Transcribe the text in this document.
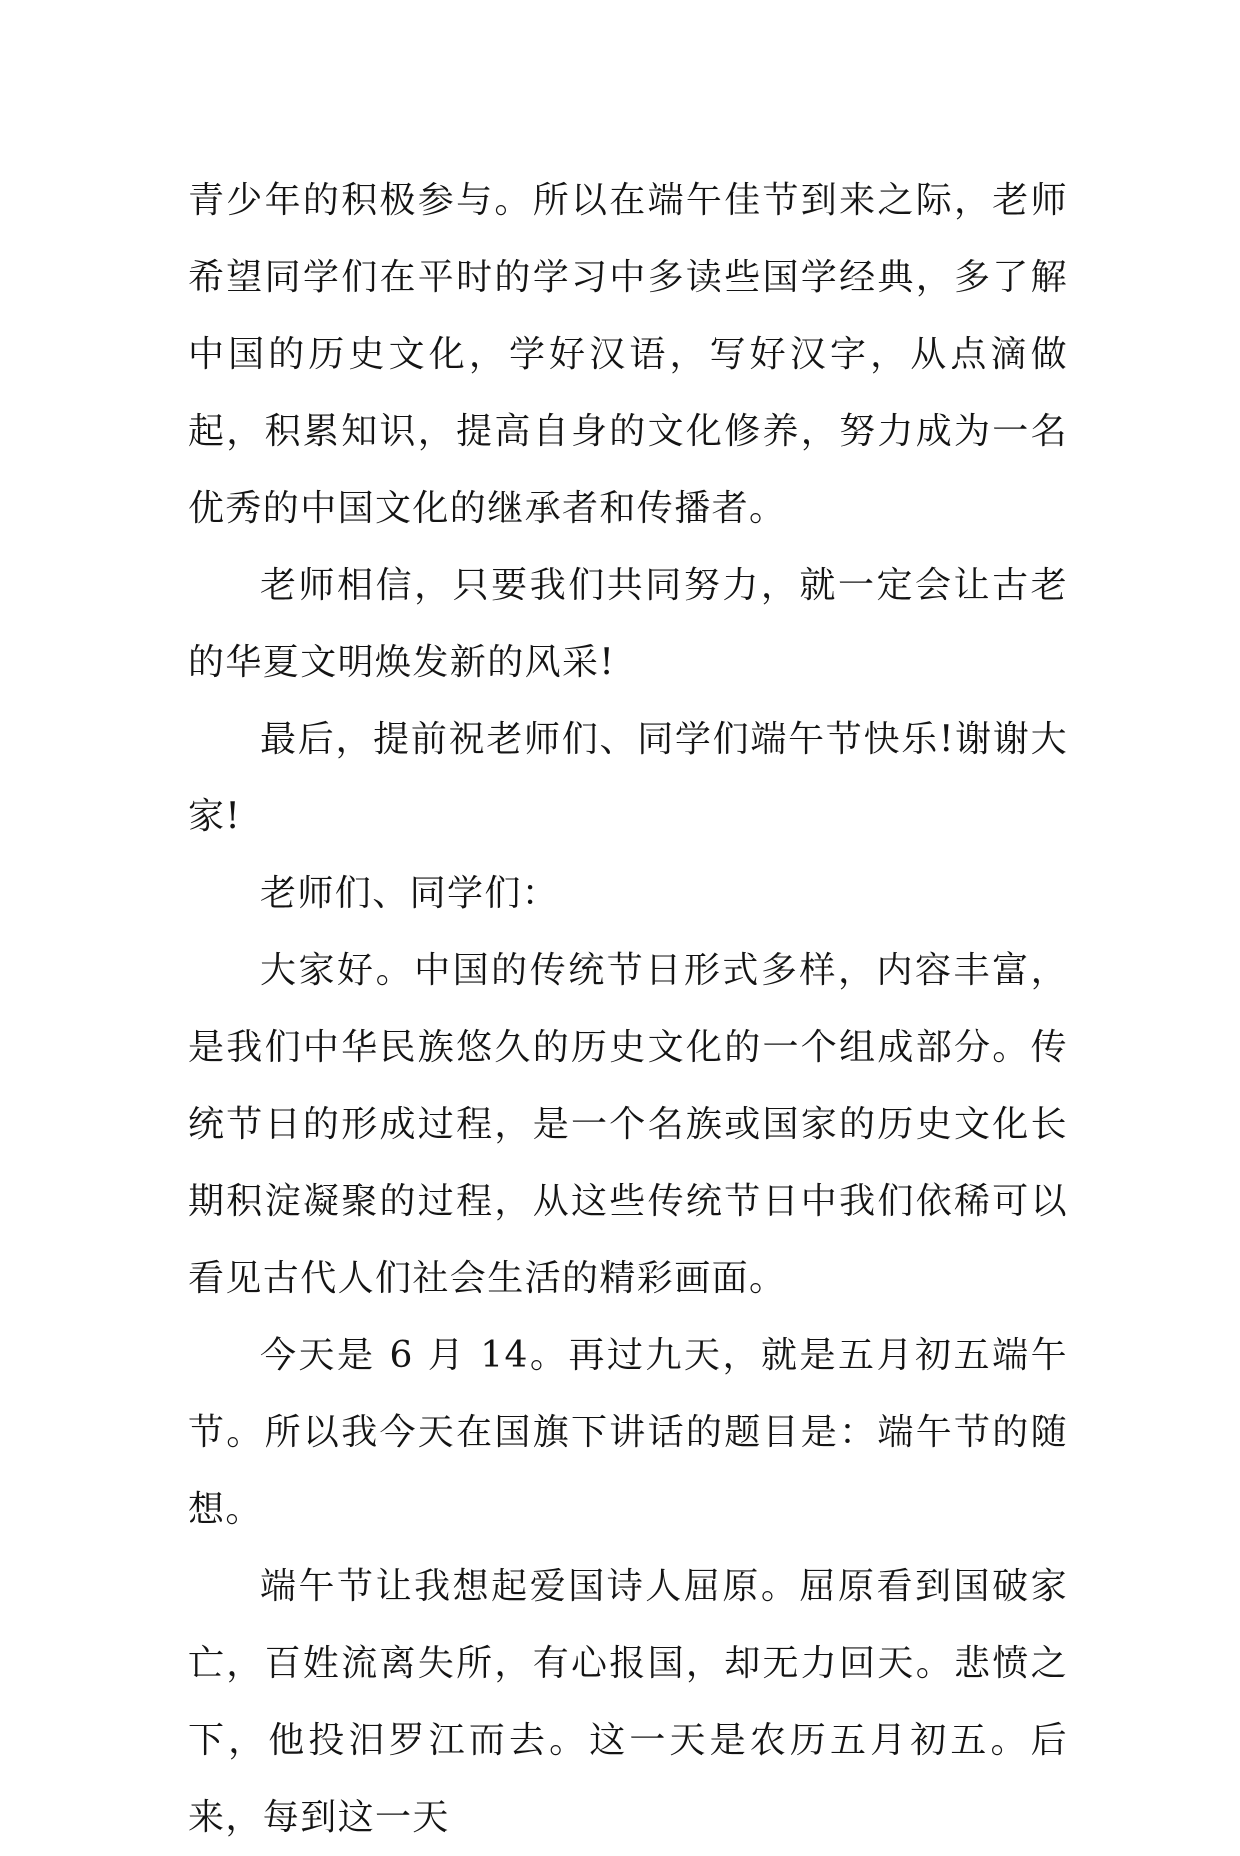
青少年的积极参与。所以在端午佳节到来之际，老师希望同学们在平时的学习中多读些国学经典，多了解中国的历史文化，学好汉语，写好汉字，从点滴做起，积累知识，提高自身的文化修养，努力成为一名优秀的中国文化的继承者和传播者。

老师相信，只要我们共同努力，就一定会让古老的华夏文明焕发新的风采!

最后，提前祝老师们、同学们端午节快乐!谢谢大家!

老师们、同学们：

大家好。中国的传统节日形式多样，内容丰富，是我们中华民族悠久的历史文化的一个组成部分。传统节日的形成过程，是一个名族或国家的历史文化长期积淀凝聚的过程，从这些传统节日中我们依稀可以看见古代人们社会生活的精彩画面。

今天是 6 月 14。再过九天，就是五月初五端午节。所以我今天在国旗下讲话的题目是：端午节的随想。

端午节让我想起爱国诗人屈原。屈原看到国破家亡，百姓流离失所，有心报国，却无力回天。悲愤之下，他投汨罗江而去。这一天是农历五月初五。后来，每到这一天
